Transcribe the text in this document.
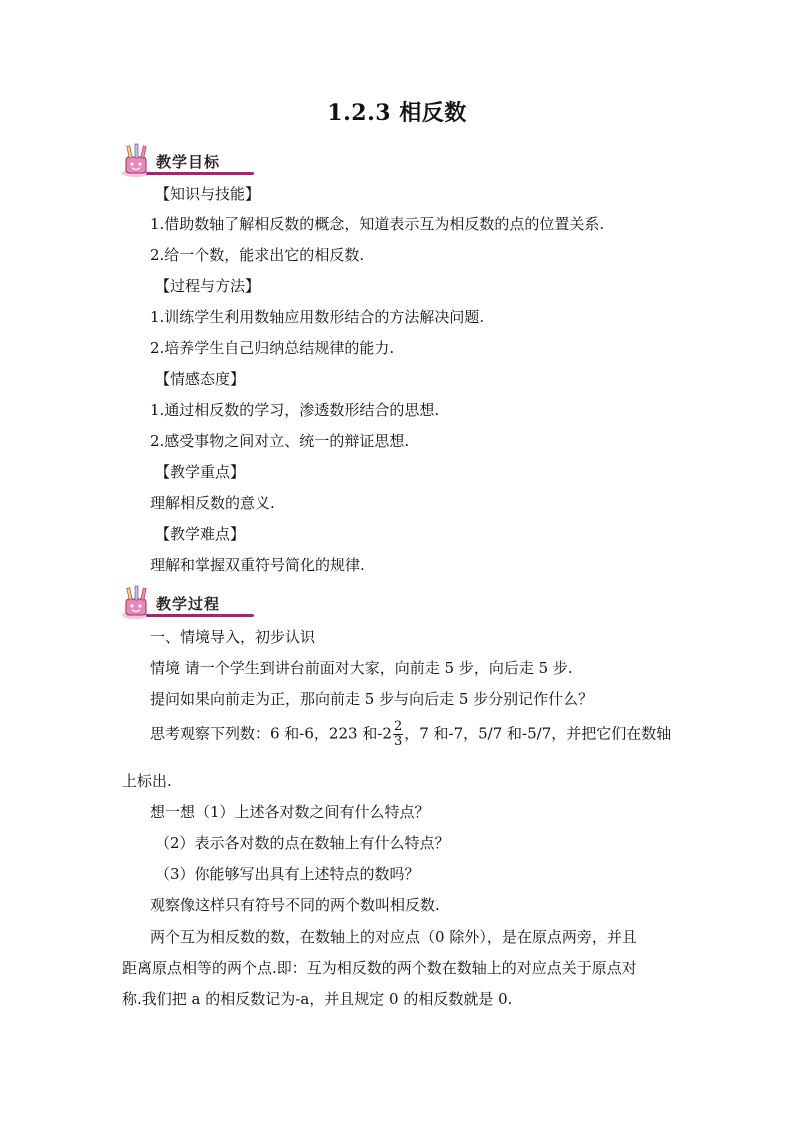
1.2.3 相反数
教学目标
【知识与技能】
1.借助数轴了解相反数的概念，知道表示互为相反数的点的位置关系.
2.给一个数，能求出它的相反数.
【过程与方法】
1.训练学生利用数轴应用数形结合的方法解决问题.
2.培养学生自己归纳总结规律的能力.
【情感态度】
1.通过相反数的学习，渗透数形结合的思想.
2.感受事物之间对立、统一的辩证思想.
【教学重点】
理解相反数的意义.
【教学难点】
理解和掌握双重符号简化的规律.
教学过程
一、情境导入，初步认识
情境 请一个学生到讲台前面对大家，向前走 5 步，向后走 5 步.
提问如果向前走为正，那向前走 5 步与向后走 5 步分别记作什么？
思考观察下列数：6 和-6，223 和$-2 \frac{2}{3}$ ，7 和-7，5/7 和-5/7，并把它们在数轴
上标出.
想一想（1）上述各对数之间有什么特点？
（2）表示各对数的点在数轴上有什么特点？
（3）你能够写出具有上述特点的数吗？
观察像这样只有符号不同的两个数叫相反数.
两个互为相反数的数，在数轴上的对应点（0 除外），是在原点两旁，并且
距离原点相等的两个点.即：互为相反数的两个数在数轴上的对应点关于原点对
称.我们把 a 的相反数记为-a，并且规定 0 的相反数就是 0.
